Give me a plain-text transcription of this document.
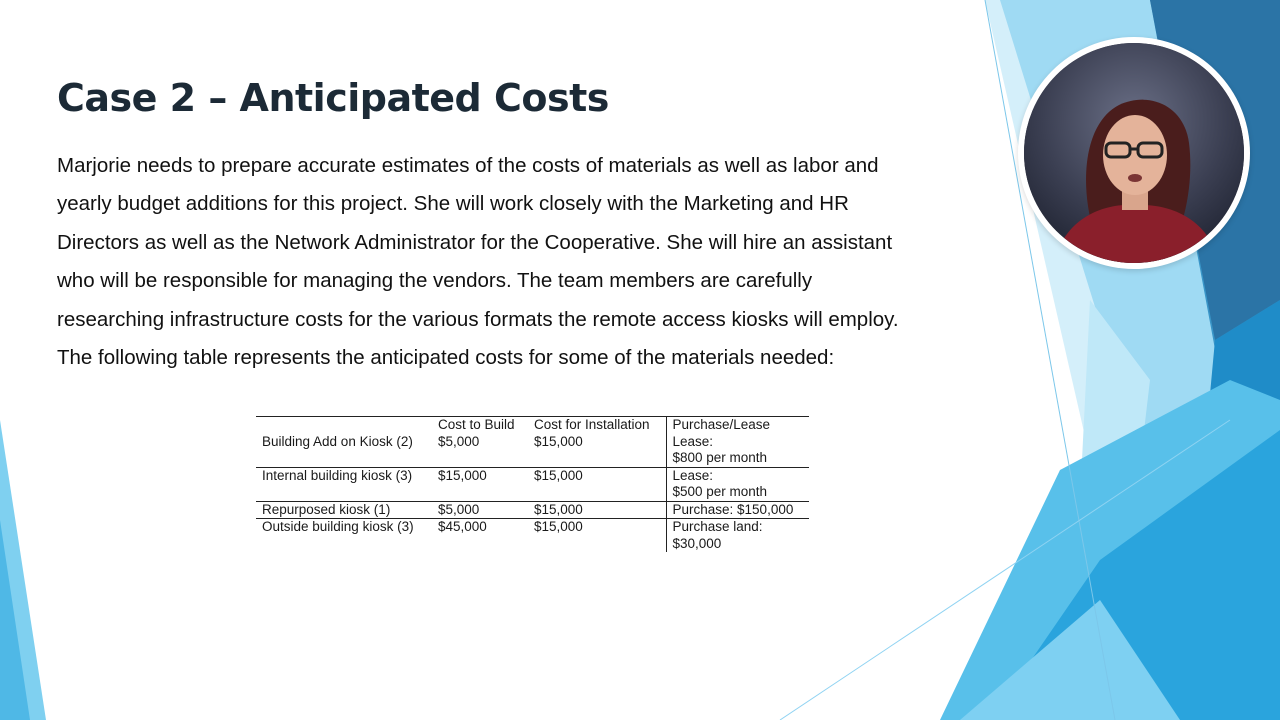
Case 2 – Anticipated Costs
Marjorie needs to prepare accurate estimates of the costs of materials as well as labor and
yearly budget additions for this project. She will work closely with the Marketing and HR
Directors as well as the Network Administrator for the Cooperative. She will hire an assistant
who will be responsible for managing the vendors. The team members are carefully
researching infrastructure costs for the various formats the remote access kiosks will employ.
The following table represents the anticipated costs for some of the materials needed:
	Cost to Build	Cost for Installation	Purchase/Lease
Building Add on Kiosk (2)	$5,000	$15,000	Lease:
$800 per month

Internal building kiosk (3)	$15,000	$15,000	Lease:
$500 per month

Repurposed kiosk (1)	$5,000	$15,000	Purchase: $150,000

Outside building kiosk (3)	$45,000	$15,000	Purchase land:
$30,000
